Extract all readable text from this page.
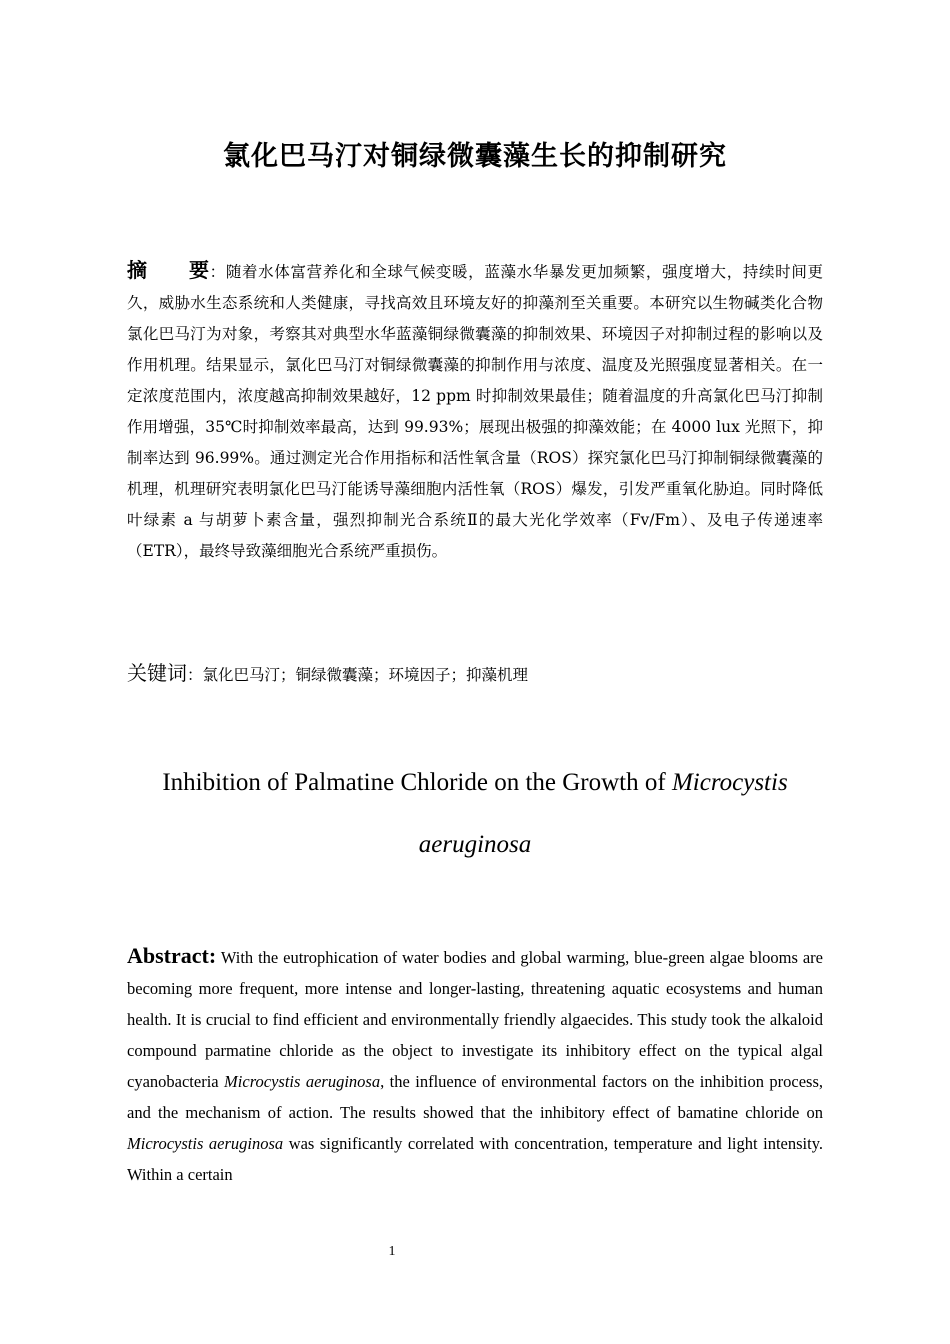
氯化巴马汀对铜绿微囊藻生长的抑制研究
摘　　要：随着水体富营养化和全球气候变暖，蓝藻水华暴发更加频繁，强度增大，持续时间更久，威胁水生态系统和人类健康，寻找高效且环境友好的抑藻剂至关重要。本研究以生物碱类化合物氯化巴马汀为对象，考察其对典型水华蓝藻铜绿微囊藻的抑制效果、环境因子对抑制过程的影响以及作用机理。结果显示，氯化巴马汀对铜绿微囊藻的抑制作用与浓度、温度及光照强度显著相关。在一定浓度范围内，浓度越高抑制效果越好，12 ppm 时抑制效果最佳；随着温度的升高氯化巴马汀抑制作用增强，35℃时抑制效率最高，达到 99.93%；展现出极强的抑藻效能；在 4000 lux 光照下，抑制率达到 96.99%。通过测定光合作用指标和活性氧含量（ROS）探究氯化巴马汀抑制铜绿微囊藻的机理，机理研究表明氯化巴马汀能诱导藻细胞内活性氧（ROS）爆发，引发严重氧化胁迫。同时降低叶绿素 a 与胡萝卜素含量，强烈抑制光合系统Ⅱ的最大光化学效率（Fv/Fm）、及电子传递速率（ETR），最终导致藻细胞光合系统严重损伤。
关键词：氯化巴马汀；铜绿微囊藻；环境因子；抑藻机理
Inhibition of Palmatine Chloride on the Growth of Microcystis
aeruginosa
Abstract: With the eutrophication of water bodies and global warming, blue-green algae blooms are becoming more frequent, more intense and longer-lasting, threatening aquatic ecosystems and human health. It is crucial to find efficient and environmentally friendly algaecides. This study took the alkaloid compound parmatine chloride as the object to investigate its inhibitory effect on the typical algal cyanobacteria Microcystis aeruginosa, the influence of environmental factors on the inhibition process, and the mechanism of action. The results showed that the inhibitory effect of bamatine chloride on Microcystis aeruginosa was significantly correlated with concentration, temperature and light intensity. Within a certain
1
